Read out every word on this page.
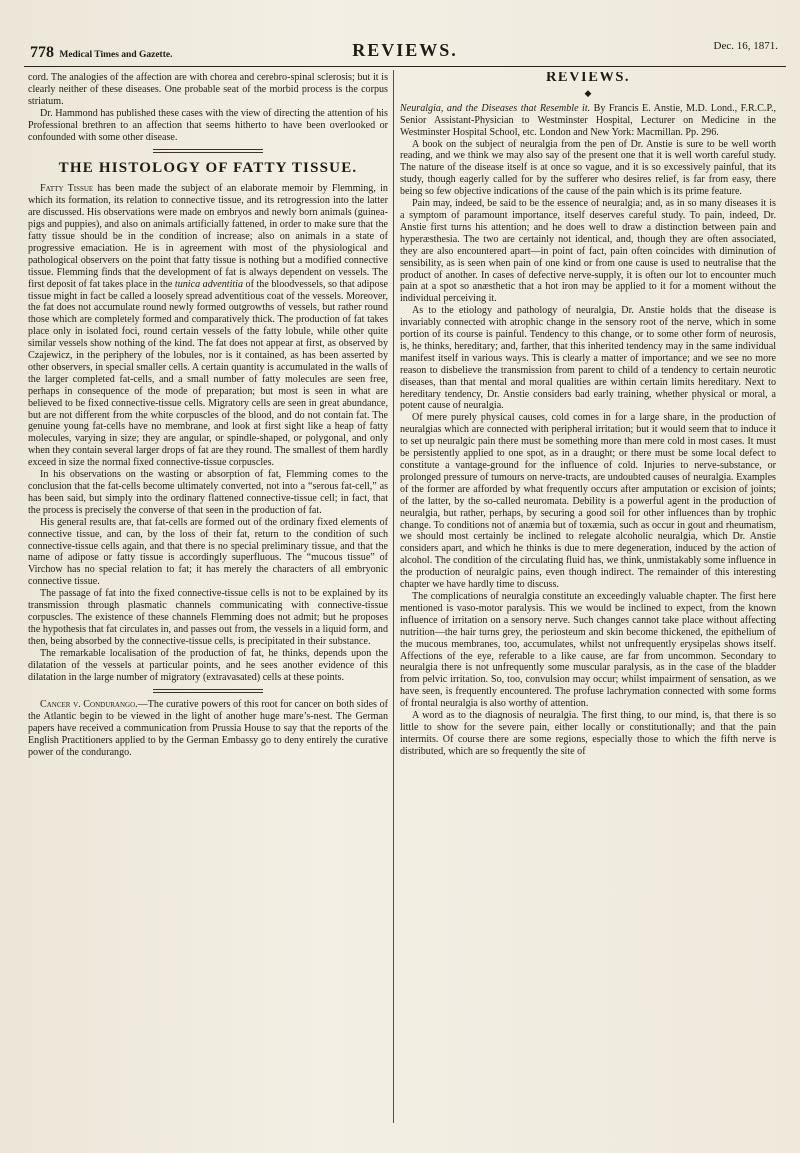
778 Medical Times and Gazette.	REVIEWS.	Dec. 16, 1871.

cord. The analogies of the affection are with chorea and cerebro-spinal sclerosis; but it is clearly neither of these diseases. One probable seat of the morbid process is the corpus striatum.

Dr. Hammond has published these cases with the view of directing the attention of his Professional brethren to an affection that seems hitherto to have been overlooked or confounded with some other disease.

THE HISTOLOGY OF FATTY TISSUE.

Fatty Tissue has been made the subject of an elaborate memoir by Flemming, in which its formation, its relation to connective tissue, and its retrogression into the latter are discussed. His observations were made on embryos and newly born animals (guinea-pigs and puppies), and also on animals artificially fattened, in order to make sure that the fatty tissue should be in the condition of increase; also on animals in a state of progressive emaciation. He is in agreement with most of the physiological and pathological observers on the point that fatty tissue is nothing but a modified connective tissue. Flemming finds that the development of fat is always dependent on vessels. The first deposit of fat takes place in the tunica adventitia of the bloodvessels, so that adipose tissue might in fact be called a loosely spread adventitious coat of the vessels. Moreover, the fat does not accumulate round newly formed outgrowths of vessels, but rather round those which are completely formed and comparatively thick. The production of fat takes place only in isolated foci, round certain vessels of the fatty lobule, while other quite similar vessels show nothing of the kind. The fat does not appear at first, as observed by Czajewicz, in the periphery of the lobules, nor is it contained, as has been asserted by other observers, in special smaller cells. A certain quantity is accumulated in the walls of the larger completed fat-cells, and a small number of fatty molecules are seen free, perhaps in consequence of the mode of preparation; but most is seen in what are believed to be fixed connective-tissue cells. Migratory cells are seen in great abundance, but are not different from the white corpuscles of the blood, and do not contain fat. The genuine young fat-cells have no membrane, and look at first sight like a heap of fatty molecules, varying in size; they are angular, or spindle-shaped, or polygonal, and only when they contain several larger drops of fat are they round. The smallest of them hardly exceed in size the normal fixed connective-tissue corpuscles.

In his observations on the wasting or absorption of fat, Flemming comes to the conclusion that the fat-cells become ultimately converted, not into a “serous fat-cell,” as has been said, but simply into the ordinary flattened connective-tissue cell; in fact, that the process is precisely the converse of that seen in the production of fat.

His general results are, that fat-cells are formed out of the ordinary fixed elements of connective tissue, and can, by the loss of their fat, return to the condition of such connective-tissue cells again, and that there is no special preliminary tissue, and that the name of adipose or fatty tissue is accordingly superfluous. The “mucous tissue” of Virchow has no special relation to fat; it has merely the characters of all embryonic connective tissue.

The passage of fat into the fixed connective-tissue cells is not to be explained by its transmission through plasmatic channels communicating with connective-tissue corpuscles. The existence of these channels Flemming does not admit; but he proposes the hypothesis that fat circulates in, and passes out from, the vessels in a liquid form, and then, being absorbed by the connective-tissue cells, is precipitated in their substance.

The remarkable localisation of the production of fat, he thinks, depends upon the dilatation of the vessels at particular points, and he sees another evidence of this dilatation in the large number of migratory (extravasated) cells at these points.

Cancer v. Condurango.—The curative powers of this root for cancer on both sides of the Atlantic begin to be viewed in the light of another huge mare’s-nest. The German papers have received a communication from Prussia House to say that the reports of the English Practitioners applied to by the German Embassy go to deny entirely the curative power of the condurango.

REVIEWS.
◆

Neuralgia, and the Diseases that Resemble it. By Francis E. Anstie, M.D. Lond., F.R.C.P., Senior Assistant-Physician to Westminster Hospital, Lecturer on Medicine in the Westminster Hospital School, etc. London and New York: Macmillan. Pp. 296.

A book on the subject of neuralgia from the pen of Dr. Anstie is sure to be well worth reading, and we think we may also say of the present one that it is well worth careful study. The nature of the disease itself is at once so vague, and it is so excessively painful, that its study, though eagerly called for by the sufferer who desires relief, is far from easy, there being so few objective indications of the cause of the pain which is its prime feature.

Pain may, indeed, be said to be the essence of neuralgia; and, as in so many diseases it is a symptom of paramount importance, itself deserves careful study. To pain, indeed, Dr. Anstie first turns his attention; and he does well to draw a distinction between pain and hyperæsthesia. The two are certainly not identical, and, though they are often associated, they are also encountered apart—in point of fact, pain often coincides with diminution of sensibility, as is seen when pain of one kind or from one cause is used to neutralise that the product of another. In cases of defective nerve-supply, it is often our lot to encounter much pain at a spot so anæsthetic that a hot iron may be applied to it for a moment without the individual perceiving it.

As to the etiology and pathology of neuralgia, Dr. Anstie holds that the disease is invariably connected with atrophic change in the sensory root of the nerve, which in some portion of its course is painful. Tendency to this change, or to some other form of neurosis, is, he thinks, hereditary; and, farther, that this inherited tendency may in the same individual manifest itself in various ways. This is clearly a matter of importance; and we see no more reason to disbelieve the transmission from parent to child of a tendency to certain neurotic diseases, than that mental and moral qualities are within certain limits hereditary. Next to hereditary tendency, Dr. Anstie considers bad early training, whether physical or moral, a potent cause of neuralgia.

Of mere purely physical causes, cold comes in for a large share, in the production of neuralgias which are connected with peripheral irritation; but it would seem that to induce it to set up neuralgic pain there must be something more than mere cold in most cases. It must be persistently applied to one spot, as in a draught; or there must be some local defect to constitute a vantage-ground for the influence of cold. Injuries to nerve-substance, or prolonged pressure of tumours on nerve-tracts, are undoubted causes of neuralgia. Examples of the former are afforded by what frequently occurs after amputation or excision of joints; of the latter, by the so-called neuromata. Debility is a powerful agent in the production of neuralgia, but rather, perhaps, by securing a good soil for other influences than by trophic change. To conditions not of anæmia but of toxæmia, such as occur in gout and rheumatism, we should most certainly be inclined to relegate alcoholic neuralgia, which Dr. Anstie considers apart, and which he thinks is due to mere degeneration, induced by the action of alcohol. The condition of the circulating fluid has, we think, unmistakably some influence in the production of neuralgic pains, even though indirect. The remainder of this interesting chapter we have hardly time to discuss.

The complications of neuralgia constitute an exceedingly valuable chapter. The first here mentioned is vaso-motor paralysis. This we would be inclined to expect, from the known influence of irritation on a sensory nerve. Such changes cannot take place without affecting nutrition—the hair turns grey, the periosteum and skin become thickened, the epithelium of the mucous membranes, too, accumulates, whilst not unfrequently erysipelas shows itself. Affections of the eye, referable to a like cause, are far from uncommon. Secondary to neuralgia there is not unfrequently some muscular paralysis, as in the case of the bladder from pelvic irritation. So, too, convulsion may occur; whilst impairment of sensation, as we have seen, is frequently encountered. The profuse lachrymation connected with some forms of frontal neuralgia is also worthy of attention.

A word as to the diagnosis of neuralgia. The first thing, to our mind, is, that there is so little to show for the severe pain, either locally or constitutionally; and that the pain intermits. Of course there are some regions, especially those to which the fifth nerve is distributed, which are so frequently the site of
